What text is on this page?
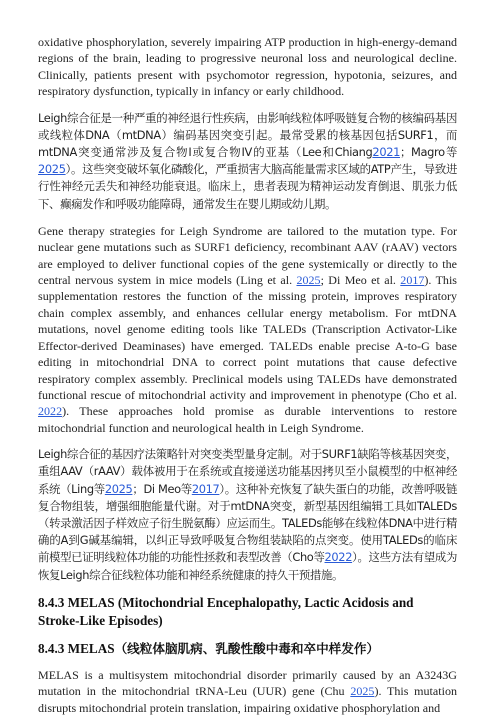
oxidative phosphorylation, severely impairing ATP production in high-energy-demand regions of the brain, leading to progressive neuronal loss and neurological decline. Clinically, patients present with psychomotor regression, hypotonia, seizures, and respiratory dysfunction, typically in infancy or early childhood.

Leigh综合征是一种严重的神经退行性疾病，由影响线粒体呼吸链复合物的核编码基因或线粒体DNA（mtDNA）编码基因突变引起。最常受累的核基因包括SURF1，而mtDNA突变通常涉及复合物I或复合物IV的亚基（Lee和Chiang2021；Magro等2025）。这些突变破坏氧化磷酸化，严重损害大脑高能量需求区域的ATP产生，导致进行性神经元丢失和神经功能衰退。临床上，患者表现为精神运动发育倒退、肌张力低下、癫痫发作和呼吸功能障碍，通常发生在婴儿期或幼儿期。

Gene therapy strategies for Leigh Syndrome are tailored to the mutation type. For nuclear gene mutations such as SURF1 deficiency, recombinant AAV (rAAV) vectors are employed to deliver functional copies of the gene systemically or directly to the central nervous system in mice models (Ling et al. 2025; Di Meo et al. 2017). This supplementation restores the function of the missing protein, improves respiratory chain complex assembly, and enhances cellular energy metabolism. For mtDNA mutations, novel genome editing tools like TALEDs (Transcription Activator-Like Effector-derived Deaminases) have emerged. TALEDs enable precise A-to-G base editing in mitochondrial DNA to correct point mutations that cause defective respiratory complex assembly. Preclinical models using TALEDs have demonstrated functional rescue of mitochondrial activity and improvement in phenotype (Cho et al. 2022). These approaches hold promise as durable interventions to restore mitochondrial function and neurological health in Leigh Syndrome.

Leigh综合征的基因疗法策略针对突变类型量身定制。对于SURF1缺陷等核基因突变，重组AAV（rAAV）载体被用于在系统或直接递送功能基因拷贝至小鼠模型的中枢神经系统（Ling等2025；Di Meo等2017）。这种补充恢复了缺失蛋白的功能，改善呼吸链复合物组装，增强细胞能量代谢。对于mtDNA突变，新型基因组编辑工具如TALEDs（转录激活因子样效应子衍生脱氨酶）应运而生。TALEDs能够在线粒体DNA中进行精确的A到G碱基编辑，以纠正导致呼吸复合物组装缺陷的点突变。使用TALEDs的临床前模型已证明线粒体功能的功能性拯救和表型改善（Cho等2022）。这些方法有望成为恢复Leigh综合征线粒体功能和神经系统健康的持久干预措施。

8.4.3 MELAS (Mitochondrial Encephalopathy, Lactic Acidosis and Stroke-Like Episodes)
8.4.3 MELAS（线粒体脑肌病、乳酸性酸中毒和卒中样发作）

MELAS is a multisystem mitochondrial disorder primarily caused by an A3243G mutation in the mitochondrial tRNA-Leu (UUR) gene (Chu 2025). This mutation disrupts mitochondrial protein translation, impairing oxidative phosphorylation and
